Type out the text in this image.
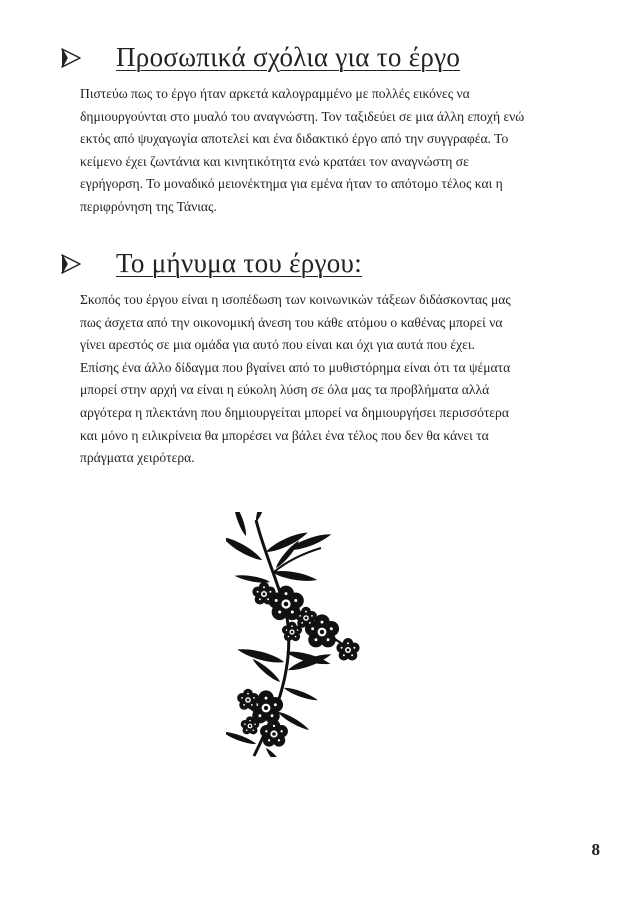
Προσωπικά σχόλια για το έργο
Πιστεύω πως το έργο ήταν αρκετά καλογραμμένο με πολλές εικόνες να
δημιουργούνται στο μυαλό του αναγνώστη. Τον ταξιδεύει σε μια άλλη εποχή ενώ
εκτός από ψυχαγωγία αποτελεί και ένα διδακτικό έργο από την συγγραφέα. Το
κείμενο έχει ζωντάνια και κινητικότητα ενώ κρατάει τον αναγνώστη σε
εγρήγορση. Το μοναδικό μειονέκτημα για εμένα ήταν το απότομο τέλος και η
περιφρόνηση της Τάνιας.
Το μήνυμα του έργου:
Σκοπός του έργου είναι η ισοπέδωση των κοινωνικών τάξεων διδάσκοντας μας
πως άσχετα από την οικονομική άνεση του κάθε ατόμου ο καθένας μπορεί να
γίνει αρεστός σε μια ομάδα για αυτό που είναι και όχι για αυτά που έχει.
Επίσης ένα άλλο δίδαγμα που βγαίνει από το μυθιστόρημα είναι ότι τα ψέματα
μπορεί στην αρχή να είναι η εύκολη λύση σε όλα μας τα προβλήματα αλλά
αργότερα η πλεκτάνη που δημιουργείται μπορεί να δημιουργήσει περισσότερα
και μόνο η ειλικρίνεια θα μπορέσει να βάλει ένα τέλος που δεν θα κάνει τα
πράγματα χειρότερα.
8
